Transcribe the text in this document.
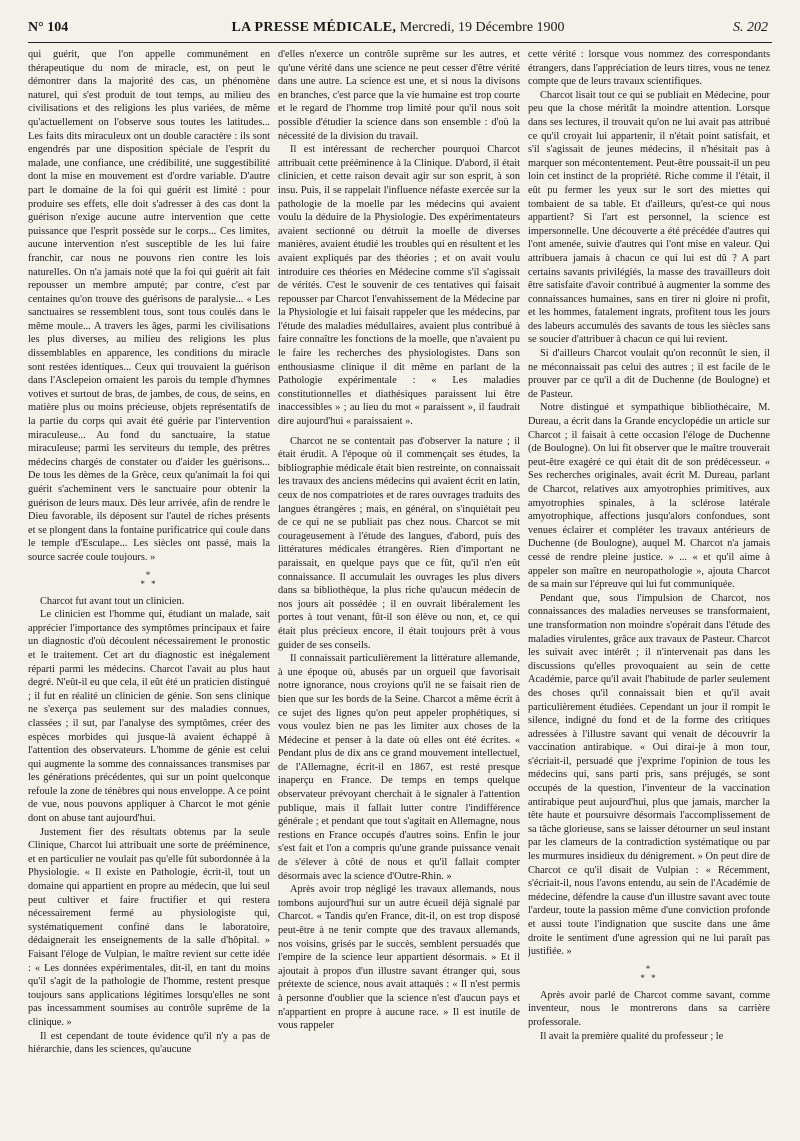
N° 104	LA PRESSE MÉDICALE, Mercredi, 19 Décembre 1900	S. 202

qui guérit, que l'on appelle communément en thérapeutique du nom de miracle, est, on peut le démontrer dans la majorité des cas, un phénomène naturel, qui s'est produit de tout temps, au milieu des civilisations et des religions les plus variées, de même qu'actuellement on l'observe sous toutes les latitudes... Les faits dits miraculeux ont un double caractère : ils sont engendrés par une disposition spéciale de l'esprit du malade, une confiance, une crédibilité, une suggestibilité dont la mise en mouvement est d'ordre variable. D'autre part le domaine de la foi qui guérit est limité : pour produire ses effets, elle doit s'adresser à des cas dont la guérison n'exige aucune autre intervention que cette puissance que l'esprit possède sur le corps... Ces limites, aucune intervention n'est susceptible de les lui faire franchir, car nous ne pouvons rien contre les lois naturelles. On n'a jamais noté que la foi qui guérit ait fait repousser un membre amputé; par contre, c'est par centaines qu'on trouve des guérisons de paralysie... « Les sanctuaires se ressemblent tous, sont tous coulés dans le même moule... A travers les âges, parmi les civilisations les plus diverses, au milieu des religions les plus dissemblables en apparence, les conditions du miracle sont restées identiques... Ceux qui trouvaient la guérison dans l'Asclepeion ornaient les parois du temple d'hymnes votives et surtout de bras, de jambes, de cous, de seins, en matière plus ou moins précieuse, objets représentatifs de la partie du corps qui avait été guérie par l'intervention miraculeuse... Au fond du sanctuaire, la statue miraculeuse; parmi les serviteurs du temple, des prêtres médecins chargés de constater ou d'aider les guérisons... De tous les dèmes de la Grèce, ceux qu'animait la foi qui guérit s'acheminent vers le sanctuaire pour obtenir la guérison de leurs maux. Dès leur arrivée, afin de rendre le Dieu favorable, ils déposent sur l'autel de riches présents et se plongent dans la fontaine purificatrice qui coule dans le temple d'Esculape... Les siècles ont passé, mais la source sacrée coule toujours. »

*
* *

Charcot fut avant tout un clinicien.

Le clinicien est l'homme qui, étudiant un malade, sait apprécier l'importance des symptômes principaux et faire un diagnostic d'où découlent nécessairement le pronostic et le traitement. Cet art du diagnostic est inégalement réparti parmi les médecins. Charcot l'avait au plus haut degré. N'eût-il eu que cela, il eût été un praticien distingué ; il fut en réalité un clinicien de génie. Son sens clinique ne s'exerça pas seulement sur des maladies connues, classées ; il sut, par l'analyse des symptômes, créer des espèces morbides qui jusque-là avaient échappé à l'attention des observateurs. L'homme de génie est celui qui augmente la somme des connaissances transmises par les générations précédentes, qui sur un point quelconque refoule la zone de ténèbres qui nous enveloppe. A ce point de vue, nous pouvons appliquer à Charcot le mot génie dont on abuse tant aujourd'hui.

Justement fier des résultats obtenus par la seule Clinique, Charcot lui attribuait une sorte de prééminence, et en particulier ne voulait pas qu'elle fût subordonnée à la Physiologie. « Il existe en Pathologie, écrit-il, tout un domaine qui appartient en propre au médecin, que lui seul peut cultiver et faire fructifier et qui restera nécessairement fermé au physiologiste qui, systématiquement confiné dans le laboratoire, dédaignerait les enseignements de la salle d'hôpital. » Faisant l'éloge de Vulpian, le maître revient sur cette idée : « Les données expérimentales, dit-il, en tant du moins qu'il s'agit de la pathologie de l'homme, restent presque toujours sans applications légitimes lorsqu'elles ne sont pas incessamment soumises au contrôle suprême de la clinique. »

Il est cependant de toute évidence qu'il n'y a pas de hiérarchie, dans les sciences, qu'aucune

d'elles n'exerce un contrôle suprême sur les autres, et qu'une vérité dans une science ne peut cesser d'être vérité dans une autre. La science est une, et si nous la divisons en branches, c'est parce que la vie humaine est trop courte et le regard de l'homme trop limité pour qu'il nous soit possible d'étudier la science dans son ensemble : d'où la nécessité de la division du travail.

Il est intéressant de rechercher pourquoi Charcot attribuait cette prééminence à la Clinique. D'abord, il était clinicien, et cette raison devait agir sur son esprit, à son insu. Puis, il se rappelait l'influence néfaste exercée sur la pathologie de la moelle par les médecins qui avaient voulu la déduire de la Physiologie. Des expérimentateurs avaient sectionné ou détruit la moelle de diverses manières, avaient étudié les troubles qui en résultent et les avaient expliqués par des théories ; et on avait voulu introduire ces théories en Médecine comme s'il s'agissait de vérités. C'est le souvenir de ces tentatives qui faisait repousser par Charcot l'envahissement de la Médecine par la Physiologie et lui faisait rappeler que les médecins, par l'étude des maladies médullaires, avaient plus contribué à faire connaître les fonctions de la moelle, que n'avaient pu le faire les recherches des physiologistes. Dans son enthousiasme clinique il dit même en parlant de la Pathologie expérimentale : « Les maladies constitutionnelles et diathésiques paraissent lui être inaccessibles » ; au lieu du mot « paraissent », il faudrait dire aujourd'hui « paraissaient ».

Charcot ne se contentait pas d'observer la nature ; il était érudit. A l'époque où il commençait ses études, la bibliographie médicale était bien restreinte, on connaissait les travaux des anciens médecins qui avaient écrit en latin, ceux de nos compatriotes et de rares ouvrages traduits des langues étrangères ; mais, en général, on s'inquiétait peu de ce qui ne se publiait pas chez nous. Charcot se mit courageusement à l'étude des langues, d'abord, puis des littératures médicales étrangères. Rien d'important ne paraissait, en quelque pays que ce fût, qu'il n'en eût connaissance. Il accumulait les ouvrages les plus divers dans sa bibliothèque, la plus riche qu'aucun médecin de nos jours ait possédée ; il en ouvrait libéralement les portes à tout venant, fût-il son élève ou non, et, ce qui était plus précieux encore, il était toujours prêt à vous guider de ses conseils.

Il connaissait particulièrement la littérature allemande, à une époque où, abusés par un orgueil que favorisait notre ignorance, nous croyions qu'il ne se faisait rien de bien que sur les bords de la Seine. Charcot a même écrit à ce sujet des lignes qu'on peut appeler prophétiques, si vous voulez bien ne pas les limiter aux choses de la Médecine et penser à la date où elles ont été écrites. « Pendant plus de dix ans ce grand mouvement intellectuel, de l'Allemagne, écrit-il en 1867, est resté presque inaperçu en France. De temps en temps quelque observateur prévoyant cherchait à le signaler à l'attention publique, mais il fallait lutter contre l'indifférence générale ; et pendant que tout s'agitait en Allemagne, nous restions en France occupés d'autres soins. Enfin le jour s'est fait et l'on a compris qu'une grande puissance venait de s'élever à côté de nous et qu'il fallait compter désormais avec la science d'Outre-Rhin. »

Après avoir trop négligé les travaux allemands, nous tombons aujourd'hui sur un autre écueil déjà signalé par Charcot. « Tandis qu'en France, dit-il, on est trop disposé peut-être à ne tenir compte que des travaux allemands, nos voisins, grisés par le succès, semblent persuadés que l'empire de la science leur appartient désormais. » Et il ajoutait à propos d'un illustre savant étranger qui, sous prétexte de science, nous avait attaqués : « Il n'est permis à personne d'oublier que la science n'est d'aucun pays et n'appartient en propre à aucune race. » Il est inutile de vous rappeler

cette vérité : lorsque vous nommez des correspondants étrangers, dans l'appréciation de leurs titres, vous ne tenez compte que de leurs travaux scientifiques.

Charcot lisait tout ce qui se publiait en Médecine, pour peu que la chose méritât la moindre attention. Lorsque dans ses lectures, il trouvait qu'on ne lui avait pas attribué ce qu'il croyait lui appartenir, il n'était point satisfait, et s'il s'agissait de jeunes médecins, il n'hésitait pas à marquer son mécontentement. Peut-être poussait-il un peu loin cet instinct de la propriété. Riche comme il l'était, il eût pu fermer les yeux sur le sort des miettes qui tombaient de sa table. Et d'ailleurs, qu'est-ce qui nous appartient? Si l'art est personnel, la science est impersonnelle. Une découverte a été précédée d'autres qui l'ont amenée, suivie d'autres qui l'ont mise en valeur. Qui attribuera jamais à chacun ce qui lui est dû ? A part certains savants privilégiés, la masse des travailleurs doit être satisfaite d'avoir contribué à augmenter la somme des connaissances humaines, sans en tirer ni gloire ni profit, et les hommes, fatalement ingrats, profitent tous les jours des labeurs accumulés des savants de tous les siècles sans se soucier d'attribuer à chacun ce qui lui revient.

Si d'ailleurs Charcot voulait qu'on reconnût le sien, il ne méconnaissait pas celui des autres ; il est facile de le prouver par ce qu'il a dit de Duchenne (de Boulogne) et de Pasteur.

Notre distingué et sympathique bibliothécaire, M. Dureau, a écrit dans la Grande encyclopédie un article sur Charcot ; il faisait à cette occasion l'éloge de Duchenne (de Boulogne). On lui fit observer que le maître trouverait peut-être exagéré ce qui était dit de son prédécesseur. « Ses recherches originales, avait écrit M. Dureau, parlant de Charcot, relatives aux amyotrophies primitives, aux amyotrophies spinales, à la sclérose latérale amyotrophique, affections jusqu'alors confondues, sont venues éclairer et compléter les travaux antérieurs de Duchenne (de Boulogne), auquel M. Charcot n'a jamais cessé de rendre pleine justice. » ... « et qu'il aime à appeler son maître en neuropathologie », ajouta Charcot de sa main sur l'épreuve qui lui fut communiquée.

Pendant que, sous l'impulsion de Charcot, nos connaissances des maladies nerveuses se transformaient, une transformation non moindre s'opérait dans l'étude des maladies virulentes, grâce aux travaux de Pasteur. Charcot les suivait avec intérêt ; il n'intervenait pas dans les discussions qu'elles provoquaient au sein de cette Académie, parce qu'il avait l'habitude de parler seulement des choses qu'il connaissait bien et qu'il avait particulièrement étudiées. Cependant un jour il rompit le silence, indigné du fond et de la forme des critiques adressées à l'illustre savant qui venait de découvrir la vaccination antirabique. « Oui dirai-je à mon tour, s'écriait-il, persuadé que j'exprime l'opinion de tous les médecins qui, sans parti pris, sans préjugés, se sont occupés de la question, l'inventeur de la vaccination antirabique peut aujourd'hui, plus que jamais, marcher la tête haute et poursuivre désormais l'accomplissement de sa tâche glorieuse, sans se laisser détourner un seul instant par les clameurs de la contradiction systématique ou par les murmures insidieux du dénigrement. » On peut dire de Charcot ce qu'il disait de Vulpian : « Récemment, s'écriait-il, nous l'avons entendu, au sein de l'Académie de médecine, défendre la cause d'un illustre savant avec toute l'ardeur, toute la passion même d'une conviction profonde et aussi toute l'indignation que suscite dans une âme droite le sentiment d'une agression qui ne lui paraît pas justifiée. »

*
* *

Après avoir parlé de Charcot comme savant, comme inventeur, nous le montrerons dans sa carrière professorale.

Il avait la première qualité du professeur ; le
